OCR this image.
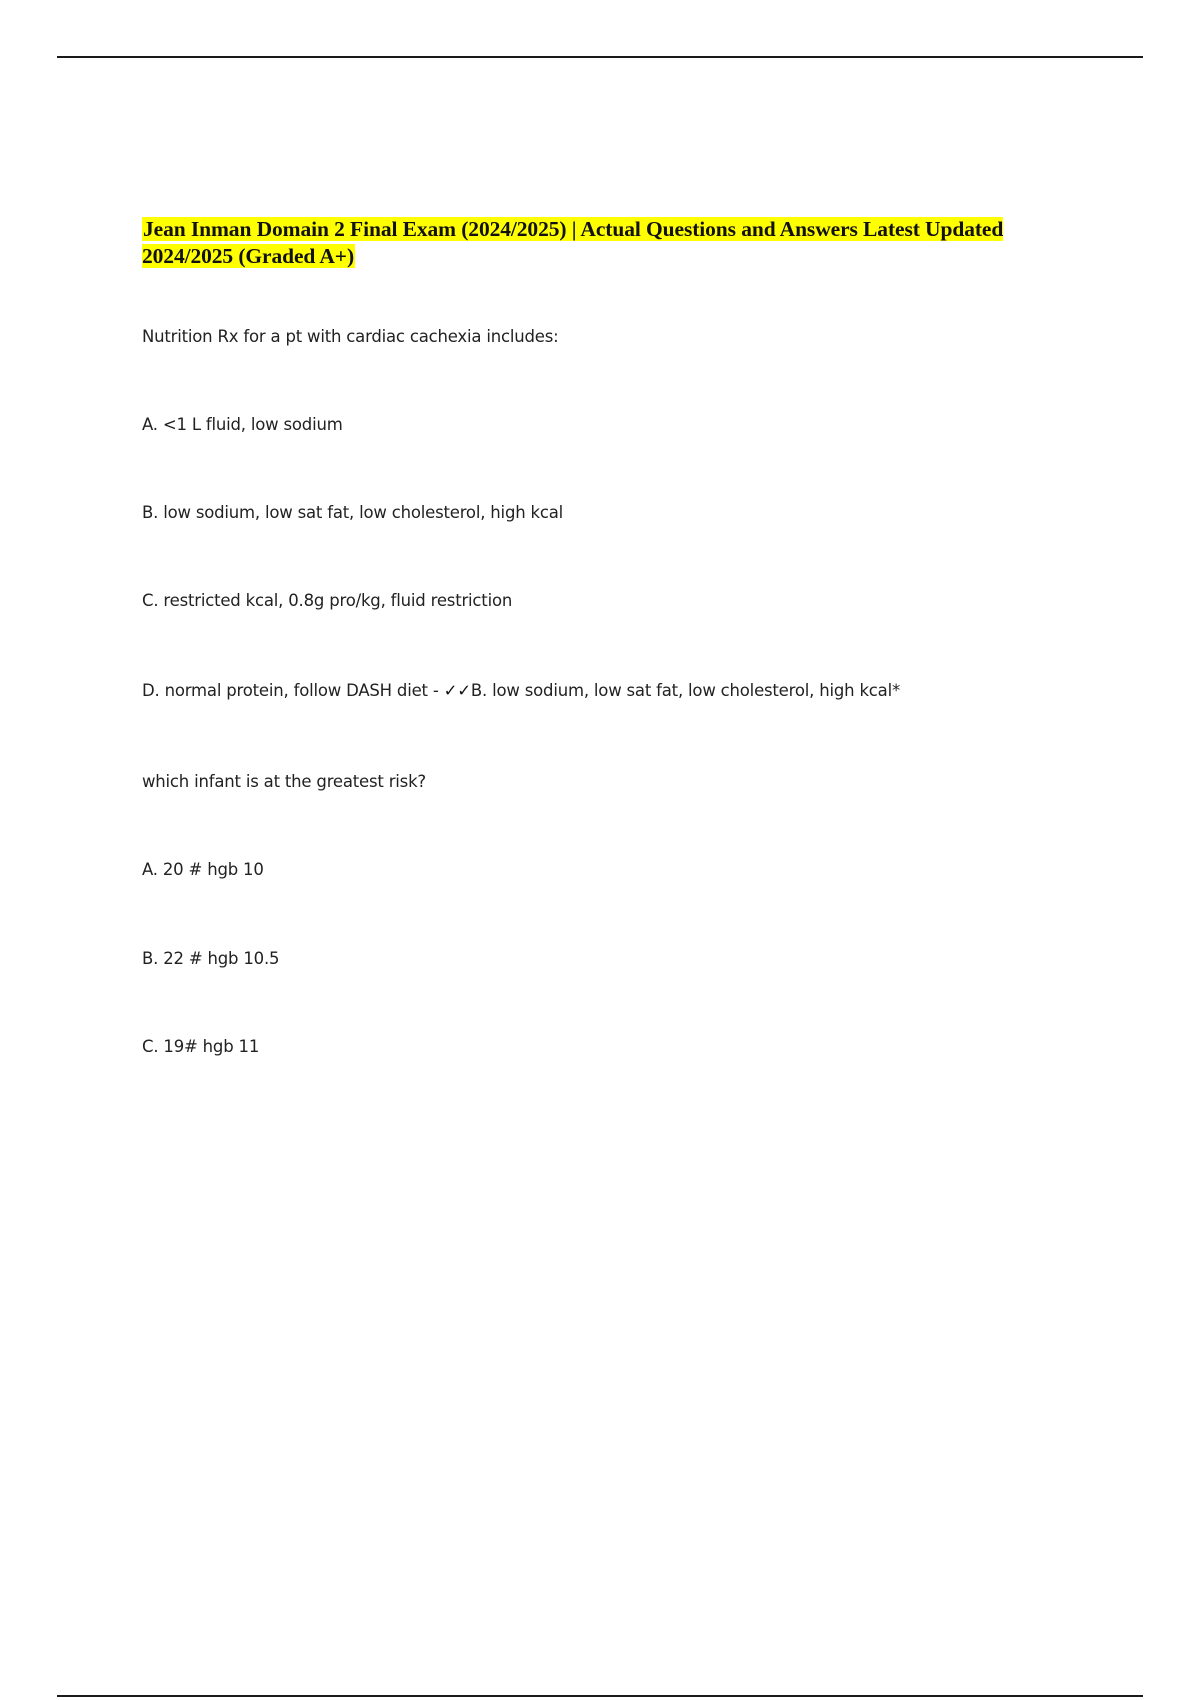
Jean Inman Domain 2 Final Exam (2024/2025) | Actual Questions and Answers Latest Updated 2024/2025 (Graded A+)

Nutrition Rx for a pt with cardiac cachexia includes:

A. <1 L fluid, low sodium

B. low sodium, low sat fat, low cholesterol, high kcal

C. restricted kcal, 0.8g pro/kg, fluid restriction

D. normal protein, follow DASH diet - ✓✓B. low sodium, low sat fat, low cholesterol, high kcal*

which infant is at the greatest risk?

A. 20 # hgb 10

B. 22 # hgb 10.5

C. 19# hgb 11
